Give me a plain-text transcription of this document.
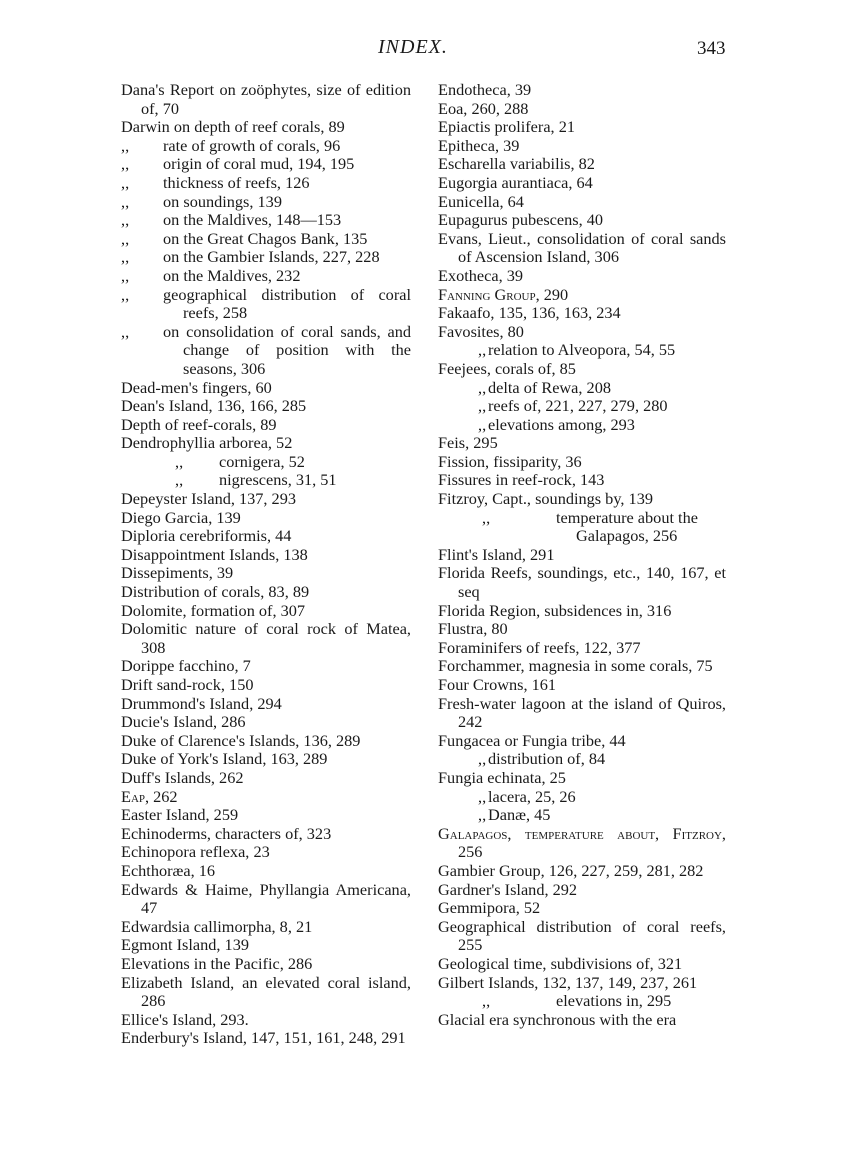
INDEX.	343
Dana's Report on zoöphytes, size of edition of, 70
Darwin on depth of reef corals, 89
,, rate of growth of corals, 96
,, origin of coral mud, 194, 195
,, thickness of reefs, 126
,, on soundings, 139
,, on the Maldives, 148—153
,, on the Great Chagos Bank, 135
,, on the Gambier Islands, 227, 228
,, on the Maldives, 232
,, geographical distribution of coral reefs, 258
,, on consolidation of coral sands, and change of position with the seasons, 306
Dead-men's fingers, 60
Dean's Island, 136, 166, 285
Depth of reef-corals, 89
Dendrophyllia arborea, 52
,, cornigera, 52
,, nigrescens, 31, 51
Depeyster Island, 137, 293
Diego Garcia, 139
Diploria cerebriformis, 44
Disappointment Islands, 138
Dissepiments, 39
Distribution of corals, 83, 89
Dolomite, formation of, 307
Dolomitic nature of coral rock of Matea, 308
Dorippe facchino, 7
Drift sand-rock, 150
Drummond's Island, 294
Ducie's Island, 286
Duke of Clarence's Islands, 136, 289
Duke of York's Island, 163, 289
Duff's Islands, 262
Eap, 262
Easter Island, 259
Echinoderms, characters of, 323
Echinopora reflexa, 23
Echthoræa, 16
Edwards & Haime, Phyllangia Americana, 47
Edwardsia callimorpha, 8, 21
Egmont Island, 139
Elevations in the Pacific, 286
Elizabeth Island, an elevated coral island, 286
Ellice's Island, 293.
Enderbury's Island, 147, 151, 161, 248, 291
Endotheca, 39
Eoa, 260, 288
Epiactis prolifera, 21
Epitheca, 39
Escharella variabilis, 82
Eugorgia aurantiaca, 64
Eunicella, 64
Eupagurus pubescens, 40
Evans, Lieut., consolidation of coral sands of Ascension Island, 306
Exotheca, 39
Fanning Group, 290
Fakaafo, 135, 136, 163, 234
Favosites, 80
,, relation to Alveopora, 54, 55
Feejees, corals of, 85
,, delta of Rewa, 208
,, reefs of, 221, 227, 279, 280
,, elevations among, 293
Feis, 295
Fission, fissiparity, 36
Fissures in reef-rock, 143
Fitzroy, Capt., soundings by, 139
,,	temperature about the Galapagos, 256
Flint's Island, 291
Florida Reefs, soundings, etc., 140, 167, et seq
Florida Region, subsidences in, 316
Flustra, 80
Foraminifers of reefs, 122, 377
Forchammer, magnesia in some corals, 75
Four Crowns, 161
Fresh-water lagoon at the island of Quiros, 242
Fungacea or Fungia tribe, 44
,, distribution of, 84
Fungia echinata, 25
,, lacera, 25, 26
,, Danæ, 45
Galapagos, temperature about, Fitzroy, 256
Gambier Group, 126, 227, 259, 281, 282
Gardner's Island, 292
Gemmipora, 52
Geographical distribution of coral reefs, 255
Geological time, subdivisions of, 321
Gilbert Islands, 132, 137, 149, 237, 261
,,	elevations in, 295
Glacial era synchronous with the era
